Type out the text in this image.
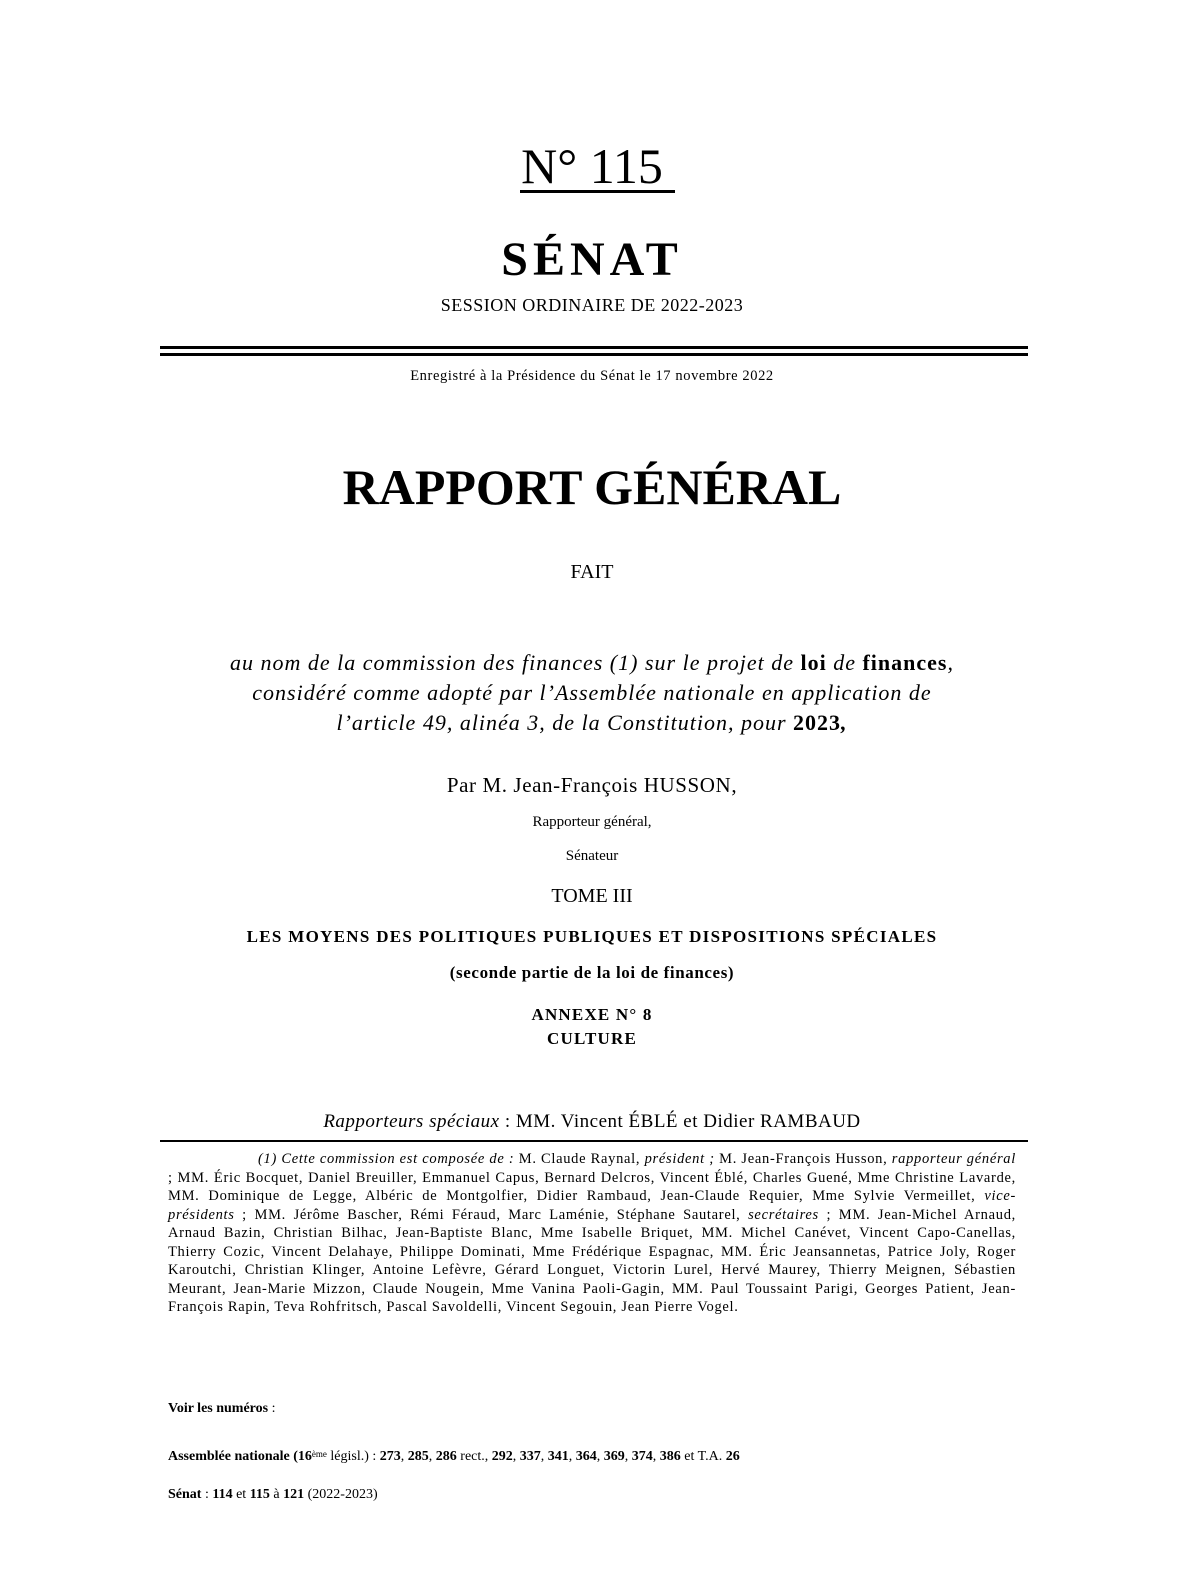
N° 115
SÉNAT
SESSION ORDINAIRE DE 2022-2023
Enregistré à la Présidence du Sénat le 17 novembre 2022
RAPPORT GÉNÉRAL
FAIT
au nom de la commission des finances (1) sur le projet de loi de finances,
considéré comme adopté par l’Assemblée nationale en application de
l’article 49, alinéa 3, de la Constitution, pour 2023,
Par M. Jean-François HUSSON,
Rapporteur général,
Sénateur
TOME III
LES MOYENS DES POLITIQUES PUBLIQUES ET DISPOSITIONS SPÉCIALES
(seconde partie de la loi de finances)
ANNEXE N° 8
CULTURE
Rapporteurs spéciaux : MM. Vincent ÉBLÉ et Didier RAMBAUD
(1) Cette commission est composée de : M. Claude Raynal, président ; M. Jean-François Husson, rapporteur général ; MM. Éric Bocquet, Daniel Breuiller, Emmanuel Capus, Bernard Delcros, Vincent Éblé, Charles Guené, Mme Christine Lavarde, MM. Dominique de Legge, Albéric de Montgolfier, Didier Rambaud, Jean-Claude Requier, Mme Sylvie Vermeillet, vice-présidents ; MM. Jérôme Bascher, Rémi Féraud, Marc Laménie, Stéphane Sautarel, secrétaires ; MM. Jean-Michel Arnaud, Arnaud Bazin, Christian Bilhac, Jean-Baptiste Blanc, Mme Isabelle Briquet, MM. Michel Canévet, Vincent Capo-Canellas, Thierry Cozic, Vincent Delahaye, Philippe Dominati, Mme Frédérique Espagnac, MM. Éric Jeansannetas, Patrice Joly, Roger Karoutchi, Christian Klinger, Antoine Lefèvre, Gérard Longuet, Victorin Lurel, Hervé Maurey, Thierry Meignen, Sébastien Meurant, Jean-Marie Mizzon, Claude Nougein, Mme Vanina Paoli-Gagin, MM. Paul Toussaint Parigi, Georges Patient, Jean-François Rapin, Teva Rohfritsch, Pascal Savoldelli, Vincent Segouin, Jean Pierre Vogel.
Voir les numéros :
Assemblée nationale (16ème législ.) : 273, 285, 286 rect., 292, 337, 341, 364, 369, 374, 386 et T.A. 26
Sénat : 114 et 115 à 121 (2022-2023)
